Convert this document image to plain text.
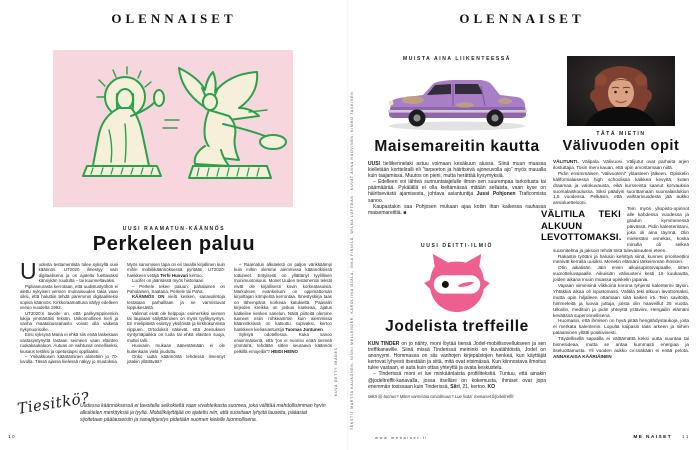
OLENNAISET
UUSI RAAMATUN-KÄÄNNÖS
Perkeleen paluu
U udesta testamentista tulee syksyllä uusi käännös. UT2020 ilmestyy vain digitaalisena ja on ajateltu luettavaksi kännykän ruudulta – tai kuunneltavaksi.

Pipliaseurasta kerrotaan, että uudistustyöhön ei alettu nykyisen version muinaisuuden takia vaan siksi, että haluttiin tehdä paremmin digitaaliseksi sopiva käännös. Kirkkoraamattuna säilyy edelleen versio vuodelta 1992.

UT2020:n tavoite on, että parikymppinenkin lukija ymmärtäisi tekstin. Uskonnollinen kieli ja vanha maataloussanasto voivat olla vaikeita nykynuorisolle.

Ensi syksynä Maria ei ehkä siis enää laskekaan vastasyntynyttä lastaan seimeen vaan eläinten ruokakaukaloon. Autuas on vaihtunut onnelliseksi, kiusaus testiksi ja opetuslapsi oppilaaksi.

– Ysikakkosen kääntäminen aloitettiin jo 70-luvulla. Tässä ajassa kielessä näkyy jo muutoksia. Myös sanomisen tapa on eri tavalla kirjallinen kuin mihin mobiilikäännöksessä pyritään, UT2020-hankkeen vetäjä Terhi Huovari kertoo.

Lucifer on jäämässä myös historiaan.

– Perkele tekee paluun: pahalainen on Paholainen, Saatana, Perkele tai Paha.

KÄÄNNÖS ON vielä kesken, sanavalintoja testataan parhaillaan ja ne varmistuvat loppukesästä.

Valinnat eivät ole helppoja: esimerkiksi seimen tai laupiaan säilyttäminen on myös tyylikysymys. Eri mielipiteitä esiintyy yksilöistä ja kirkkokunnista riippuen. Ortodoksit näkevät, että Jeesuksen syntymäpaikka on luola tai ehkä eläinten suoja, muttei talli.

Huovarin mukaan äänestämään ei ole kuitenkaan vielä jouduttu.

Onko uutta käännöstä tehdessä ilmennyt jotakin yllättävää?

– Raamatun alkuteksti on paljon värikkäämpi kuin mihin olemme aiemmissa käännöksissä tottuneet. Erityisesti on yllättänyt tyylillinen monimuotoisuus. Monet Uuden testamentin tekstit eivät ole kirjallisesti kovin korkeatasoisia. Markuksen evankeliumi on oppimattoman kirjoittajan kömpelöä kerrontaa. Ilmestyskirja taas on lähempänä korkeaa katukieltä. Paavalin kirjeiden kreikka on joskus kankeaa, ajatus katkeilee kesken sanelun. Näitä piirteitä olemme tuoneet esiin rohkeammin kuin aiemmissa käännöksissä on katsottu sopivaksi, kertoo hankkeen kieliasiantuntija Tuomas Juntunen.

Syksyä odotellessa. Kuka sanoo ensimmäisenä, että ”jos ei nuoriso enää seimeä ymmärrä, tehdään sitten seuraava käännös pelkillä emojeilla”? HEIDI HEINO

Tiesitkö?
Uudessa käännöksessä ei tavoitella selkokieltä vaan vivahteikasta suomea, joka välittää mahdollisimman hyvin alkukielen merkityksiä ja tyyliä. Mobiilikäyttäjää on ajateltu niin, että suositaan lyhyitä lauseita, pääasiat sijoitetaan päälauseisiin ja sanajärjestys pidetään suomen kielelle luonnollisena.
KUVA GETTY IMAGES
10
OLENNAISET
TEKSTIT MARTTA KAUKONEN, NINNI MELLENDER, KAROLIINA OJALA, INKA FINNILÄ, WILMA LUFTMAN · KUVAT ANNA HUOVINEN, KIMMO TASKINEN
MUISTA AINA LIIKENTEESSÄ
Maisemareitin kautta

UUSI tieliikennelaki astuu voimaan kesäkuun alussa. Siinä muun muassa kielletään kortteliralli eli ”tarpeeton ja häiritsevä ajoneuvolla ajo” myös muualla kuin taajamissa. Muutos on pieni, mutta herättää kysymyksiä.

– Edelleen voi lähteä sunnuntaiajelulle ilman sen suurempaa tarkoitusta tai päämäärää. Pykälällä ei olla kieltämässä mitään sellaista, vaan kyse on häiritsevästä ajamisesta, johtava asiantuntija Jussi Pohjonen Traficomista sanoo.

Kaupastakin saa Pohjosen mukaan ajaa kotiin ihan kaikessa rauhassa maisemareittiä. ■

UUSI DEITTI-ILMIÖ
Jodelista treffeille

KUN TINDER on jo nähty, moni löytää tiensä Jodel-mobiilisovellukseen ja sen treffikanaville. Siinä missä Tinderissä meininki on kuvalähtöistä, Jodel on anonyymi. Hommassa on siis vanhojen kirjepalstojen henkeä, kun käyttäjät kertovat lyhyesti itsestään ja siitä, mitä ovat etsimässä. Kun kiinnostava ilmoitus tulee vastaan, ei auta kuin ottaa yhteyttä ja avata keskustelu.

– Tinderissä moni ei lue minkäänlaista profiilitekstiä. Tuntuu, että ainakin @jodeltreffit-kanavalla, jossa itselläni on kokemusta, ihmiset ovat jopa enemmän tosissaan kuin Tinderissä, Siiri, 21, kertoo. KO

Mikä @-tunnus? Miten varmistaa turvallisuus? Lue lisää: menaiset.fi/jodeltreffit
TÄTÄ MIETIN
Välivuoden opit

VÄLITUNTI. Välipala. Välivuosi. Välijutut ovat parhaita arjen ilostuttajia. Tosin meni kauan, että opin arvostamaan niitä.

Pidin ensimmäisen ”välivuoteni” yläasteen jälkeen. Opiskelin kalifornialaisessa high schoolissa kaikkea kevyttä, kuten draamaa ja valokuvausta, eikä kursseista saanut korvauksia suomalaiskoulussa. Siksi päädyin suorittamaan suomalaislukion 1,5 vuodessa. Pelkäsin, että vaihtarivuodesta jää aukko ansioluettelooni.

VÄLITILA TEKI ALKUUN LEVOTTOMAKSI.

Tein myös yliopisto-opinnot alle kahdessa vuodessa ja gradun kymmenessä päivässä. Pidin kalenteristani, joka oli aina täynnä. Olin mielestäni onnekas, koska minulla oli selkeä suunnitelma ja jaksoin tehdä töitä tulevaisuuteni eteen.

Rakastin työtäni ja halusin kehittyä siinä, kunnes prioriteettini menivät kerralla uusiksi. Menetin elämäni tärkeimmän ihmisen.

Otin aikalisän. Jäin ensin aikuisopintovapaalle, sitten vuorotteluvapaalle. Aikuisiän välivuoteni kesti 16 kuukautta, joiden aikana muun muassa opiskelin japania.

Vapaan viimeisinä viikkoina korona tyhjensi kalenterini täysin. Yhtäkkiä aikaa oli loputtomasti. Välitila teki alkuun levottomaksi, mutta opin hiljalleen ottamaan siitä kaiken irti. Tein savitöitä, himmeleitä ja luovia juttuja, joista olin haaveillut 25 vuotta. Ulkoilin, meditoin ja pidin yhteyttä ystäviini. Hengailin elämäni keväässä superonnellisena.

Huomasin, että ihmisen on hyvä pitää hengähdystaukoja, joita ei merkata kalenteriin. Lopulta kaipasin taas arkeen ja siihen palaaminen yllätti positiivisesti.

Täydellisellä sapatilla ei välttämättä keksi uutta suuntaa tai bisnesideaa, mutta se antaa kummasti energiaa ja itseluottamusta. Yli vuoden aukko cv:ssäkään ei enää pelota. ANNAKAISA KÄÄRIÄINEN

www.menaiset.fi	ME NAISET 11
